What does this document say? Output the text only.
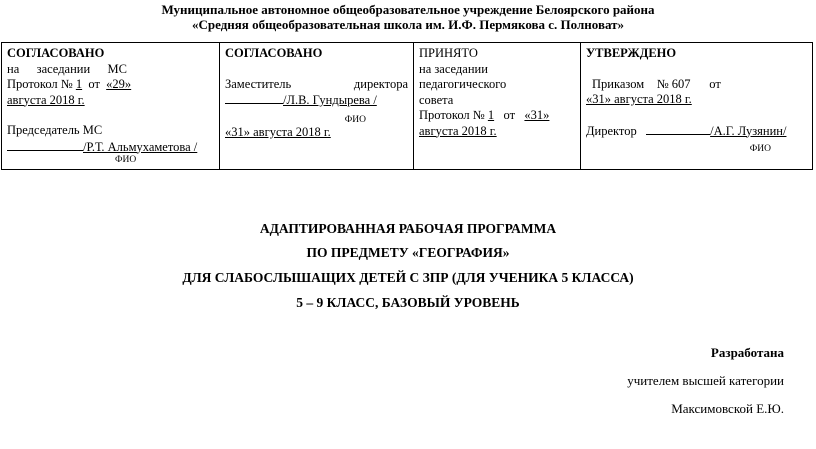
Муниципальное автономное общеобразовательное учреждение Белоярского района
«Средняя общеобразовательная школа им. И.Ф. Пермякова с. Полноват»
СОГЛАСОВАНО
на заседании МС
Протокол № 1 от «29»
августа 2018 г.
Председатель МС
/Р.Т. Альмухаметова /
ФИО

СОГЛАСОВАНО
Заместитель	директора
/Л.В. Гундырева /
ФИО
«31» августа 2018 г.

ПРИНЯТО
на заседании педагогического
совета
Протокол № 1 от «31»
августа 2018 г.

УТВЕРЖДЕНО
Приказом № 607 от
«31» августа 2018 г.
Директор	/А.Г. Лузянин/
ФИО
АДАПТИРОВАННАЯ РАБОЧАЯ ПРОГРАММА
ПО ПРЕДМЕТУ «ГЕОГРАФИЯ»
ДЛЯ СЛАБОСЛЫШАЩИХ ДЕТЕЙ С ЗПР (ДЛЯ УЧЕНИКА 5 КЛАССА)
5 – 9 КЛАСС, БАЗОВЫЙ УРОВЕНЬ
Разработана
учителем высшей категории
Максимовской Е.Ю.
